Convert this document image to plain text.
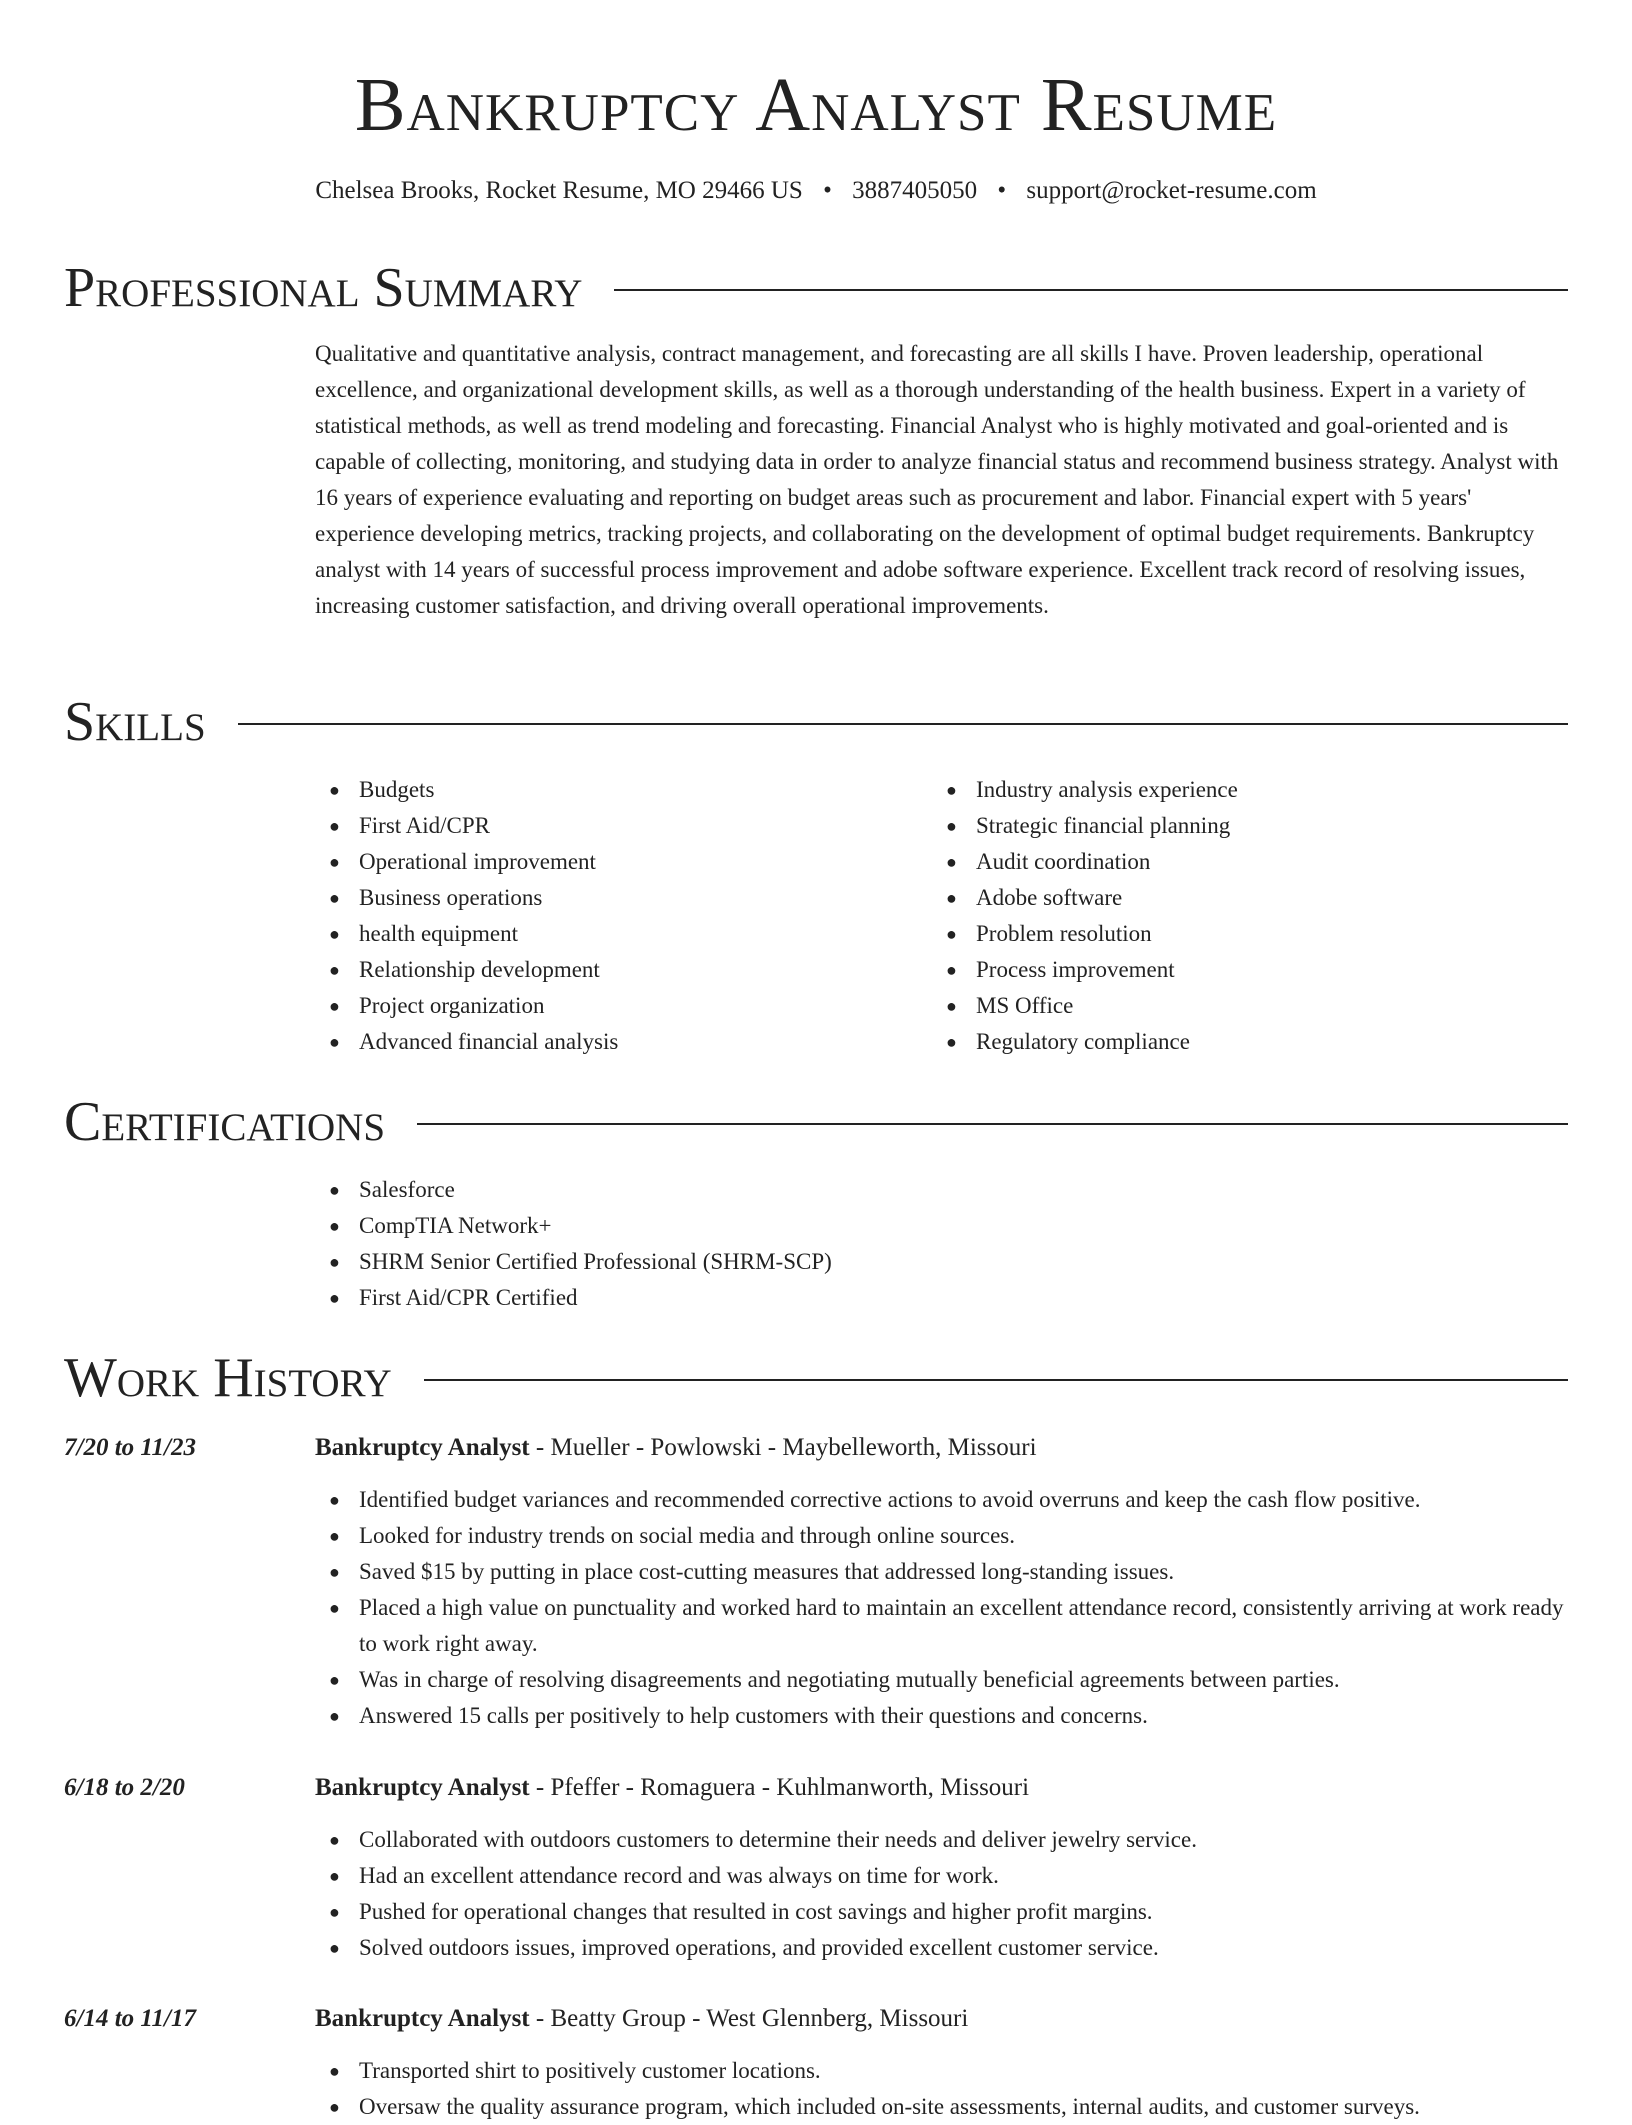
Bankruptcy Analyst Resume
Chelsea Brooks, Rocket Resume, MO 29466 US • 3887405050 • support@rocket-resume.com
Professional Summary
Qualitative and quantitative analysis, contract management, and forecasting are all skills I have. Proven leadership, operational excellence, and organizational development skills, as well as a thorough understanding of the health business. Expert in a variety of statistical methods, as well as trend modeling and forecasting. Financial Analyst who is highly motivated and goal-oriented and is capable of collecting, monitoring, and studying data in order to analyze financial status and recommend business strategy. Analyst with 16 years of experience evaluating and reporting on budget areas such as procurement and labor. Financial expert with 5 years' experience developing metrics, tracking projects, and collaborating on the development of optimal budget requirements. Bankruptcy analyst with 14 years of successful process improvement and adobe software experience. Excellent track record of resolving issues, increasing customer satisfaction, and driving overall operational improvements.
Skills
● Budgets
● First Aid/CPR
● Operational improvement
● Business operations
● health equipment
● Relationship development
● Project organization
● Advanced financial analysis
● Industry analysis experience
● Strategic financial planning
● Audit coordination
● Adobe software
● Problem resolution
● Process improvement
● MS Office
● Regulatory compliance
Certifications
● Salesforce
● CompTIA Network+
● SHRM Senior Certified Professional (SHRM-SCP)
● First Aid/CPR Certified
Work History
7/20 to 11/23	Bankruptcy Analyst - Mueller - Powlowski - Maybelleworth, Missouri
● Identified budget variances and recommended corrective actions to avoid overruns and keep the cash flow positive.
● Looked for industry trends on social media and through online sources.
● Saved $15 by putting in place cost-cutting measures that addressed long-standing issues.
● Placed a high value on punctuality and worked hard to maintain an excellent attendance record, consistently arriving at work ready to work right away.
● Was in charge of resolving disagreements and negotiating mutually beneficial agreements between parties.
● Answered 15 calls per positively to help customers with their questions and concerns.
6/18 to 2/20	Bankruptcy Analyst - Pfeffer - Romaguera - Kuhlmanworth, Missouri
● Collaborated with outdoors customers to determine their needs and deliver jewelry service.
● Had an excellent attendance record and was always on time for work.
● Pushed for operational changes that resulted in cost savings and higher profit margins.
● Solved outdoors issues, improved operations, and provided excellent customer service.
6/14 to 11/17	Bankruptcy Analyst - Beatty Group - West Glennberg, Missouri
● Transported shirt to positively customer locations.
● Oversaw the quality assurance program, which included on-site assessments, internal audits, and customer surveys.
